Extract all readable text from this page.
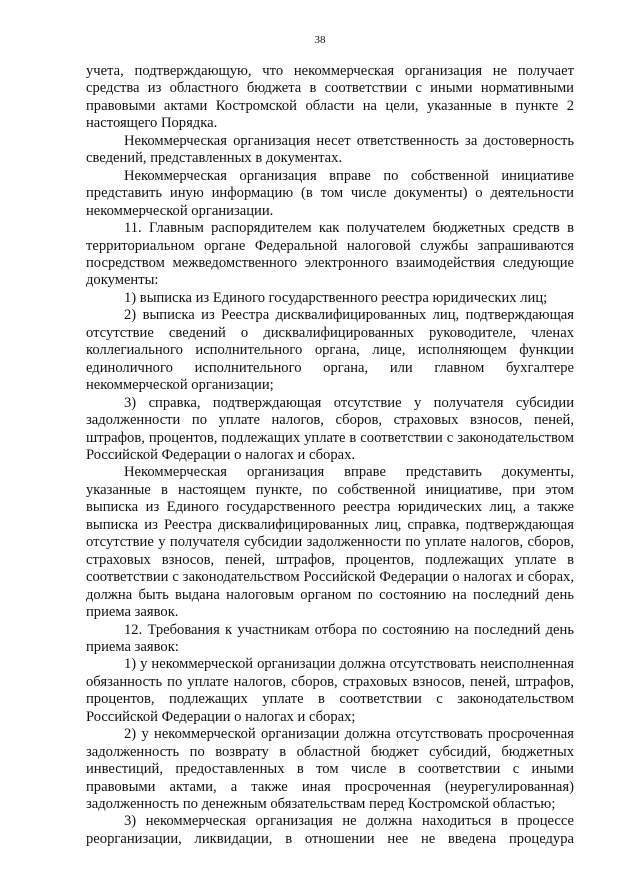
38

учета, подтверждающую, что некоммерческая организация не получает средства из областного бюджета в соответствии с иными нормативными правовыми актами Костромской области на цели, указанные в пункте 2 настоящего Порядка.

Некоммерческая организация несет ответственность за достоверность сведений, представленных в документах.

Некоммерческая организация вправе по собственной инициативе представить иную информацию (в том числе документы) о деятельности некоммерческой организации.

11. Главным распорядителем как получателем бюджетных средств в территориальном органе Федеральной налоговой службы запрашиваются посредством межведомственного электронного взаимодействия следующие документы:

1) выписка из Единого государственного реестра юридических лиц;

2) выписка из Реестра дисквалифицированных лиц, подтверждающая отсутствие сведений о дисквалифицированных руководителе, членах коллегиального исполнительного органа, лице, исполняющем функции единоличного исполнительного органа, или главном бухгалтере некоммерческой организации;

3) справка, подтверждающая отсутствие у получателя субсидии задолженности по уплате налогов, сборов, страховых взносов, пеней, штрафов, процентов, подлежащих уплате в соответствии с законодательством Российской Федерации о налогах и сборах.

Некоммерческая организация вправе представить документы, указанные в настоящем пункте, по собственной инициативе, при этом выписка из Единого государственного реестра юридических лиц, а также выписка из Реестра дисквалифицированных лиц, справка, подтверждающая отсутствие у получателя субсидии задолженности по уплате налогов, сборов, страховых взносов, пеней, штрафов, процентов, подлежащих уплате в соответствии с законодательством Российской Федерации о налогах и сборах, должна быть выдана налоговым органом по состоянию на последний день приема заявок.

12. Требования к участникам отбора по состоянию на последний день приема заявок:

1) у некоммерческой организации должна отсутствовать неисполненная обязанность по уплате налогов, сборов, страховых взносов, пеней, штрафов, процентов, подлежащих уплате в соответствии с законодательством Российской Федерации о налогах и сборах;

2) у некоммерческой организации должна отсутствовать просроченная задолженность по возврату в областной бюджет субсидий, бюджетных инвестиций, предоставленных в том числе в соответствии с иными правовыми актами, а также иная просроченная (неурегулированная) задолженность по денежным обязательствам перед Костромской областью;

3) некоммерческая организация не должна находиться в процессе реорганизации, ликвидации, в отношении нее не введена процедура
